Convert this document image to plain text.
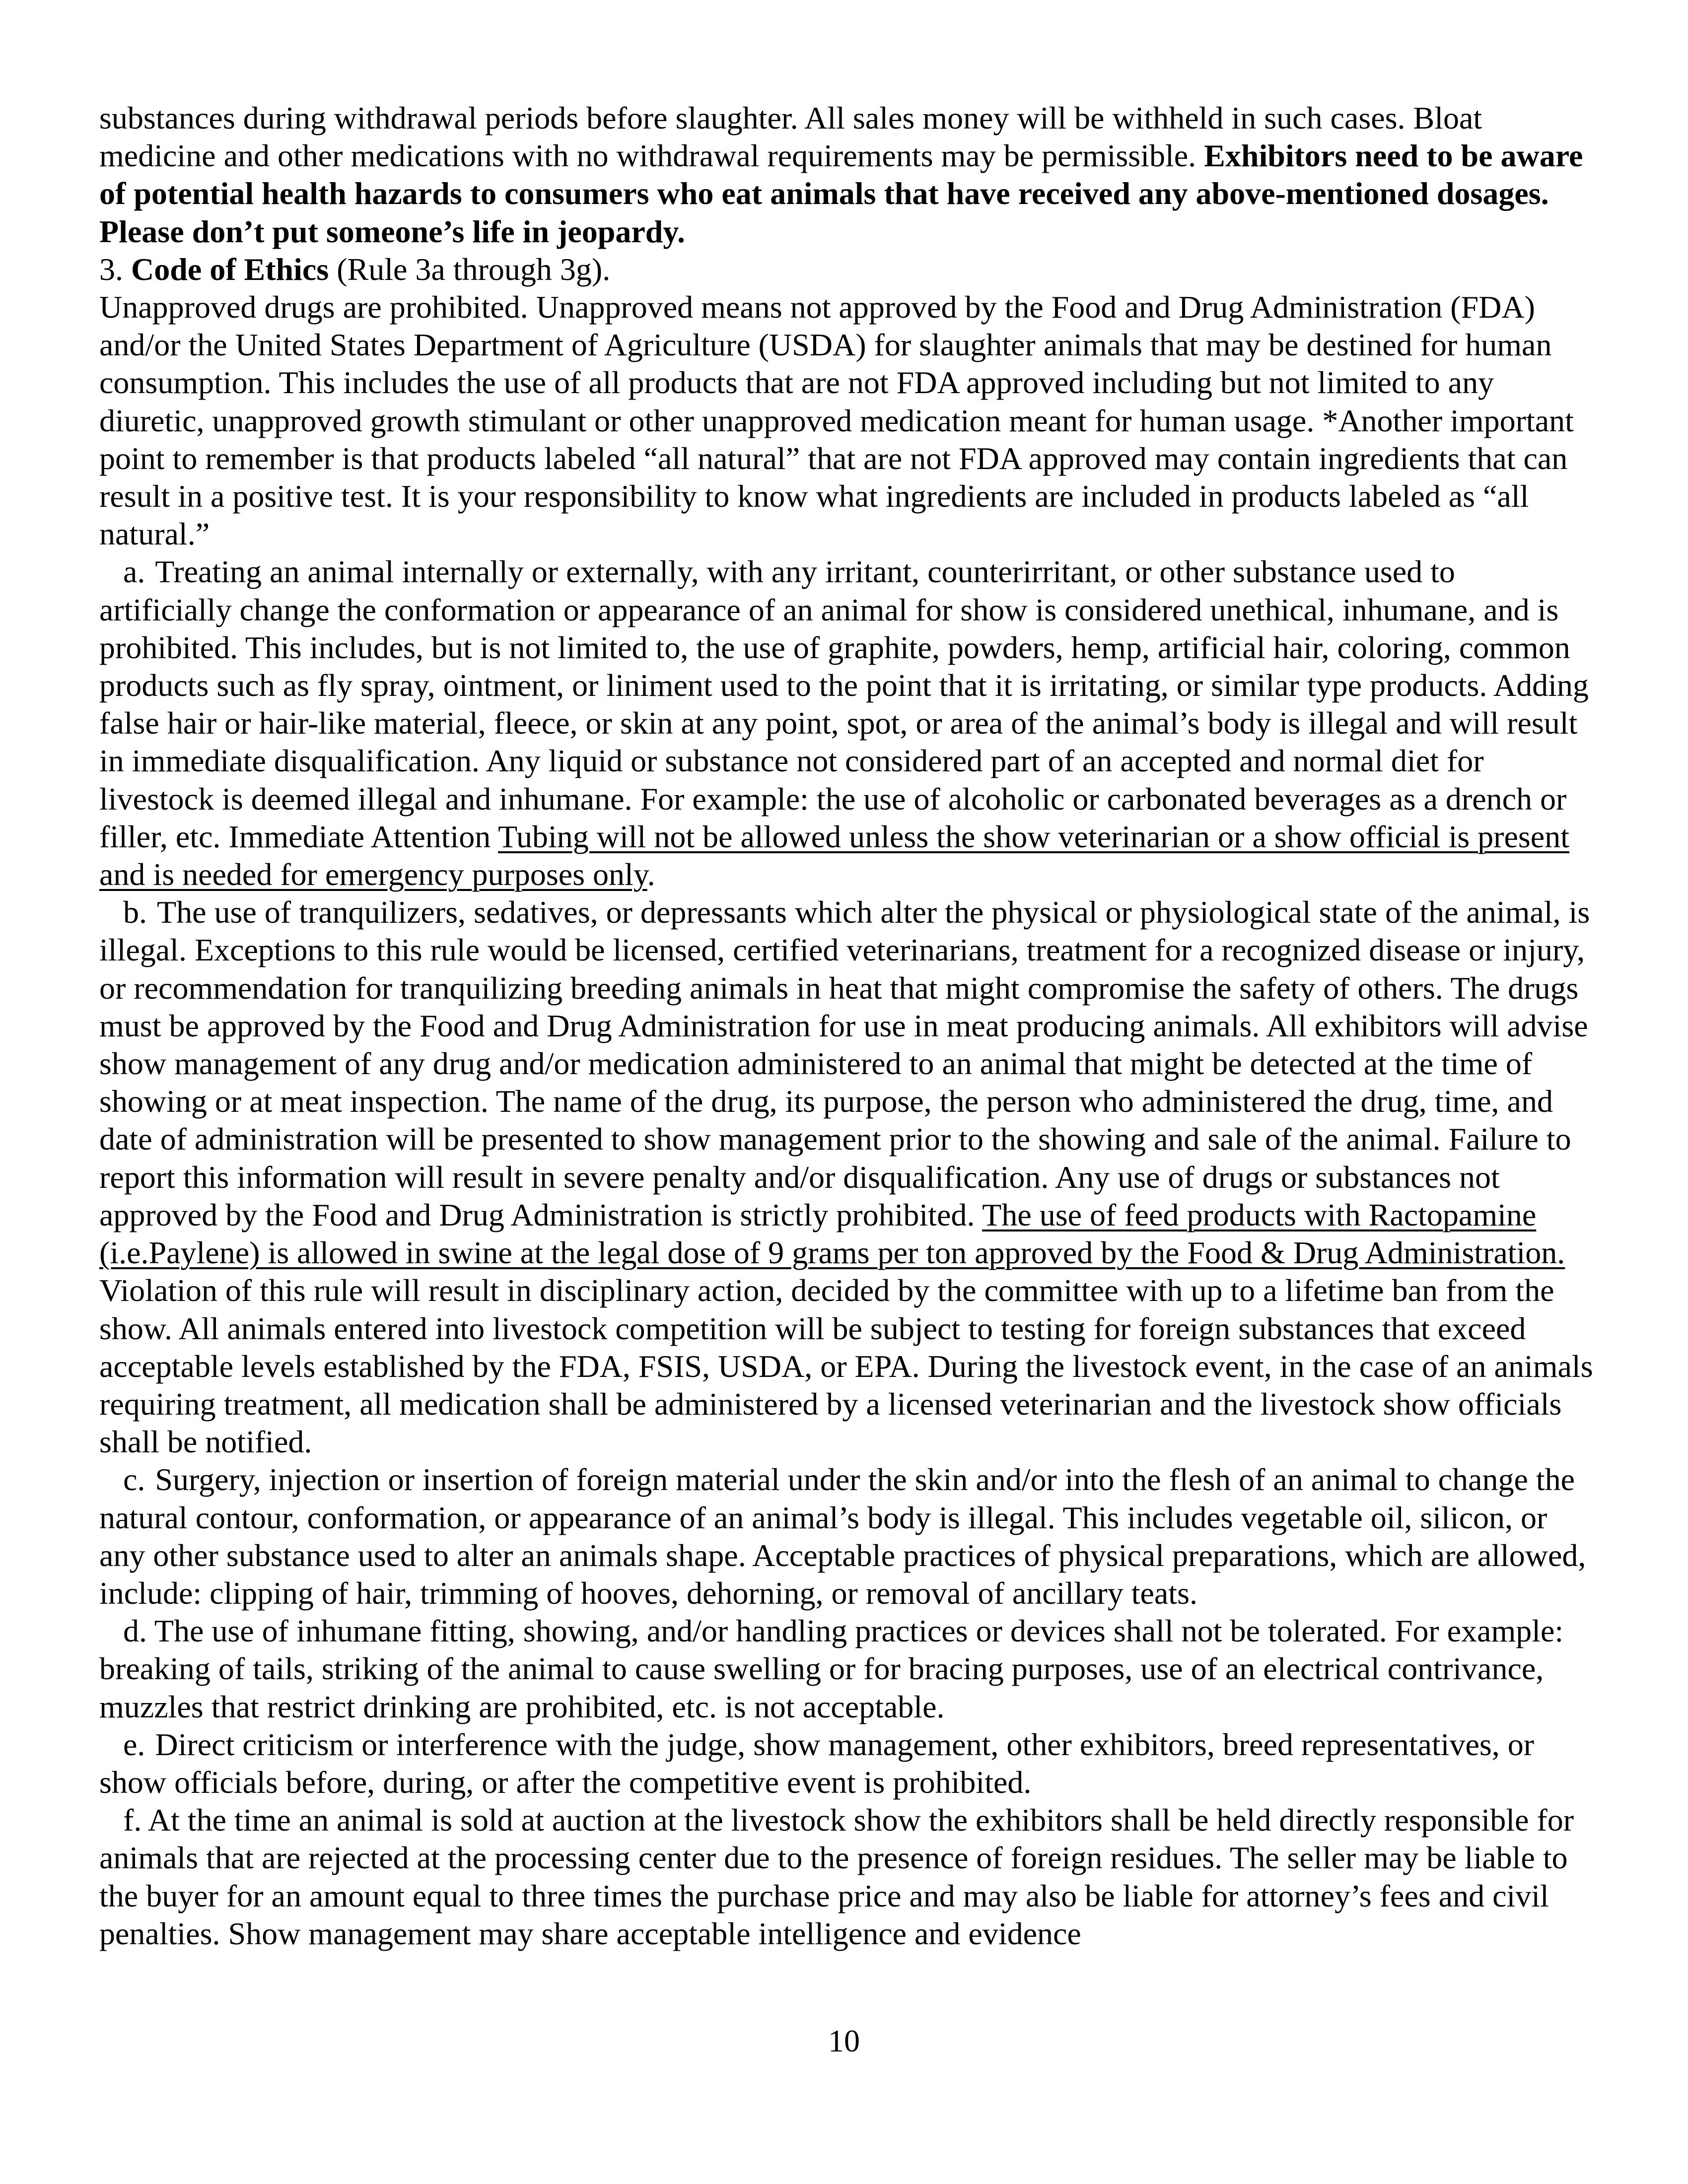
substances during withdrawal periods before slaughter. All sales money will be withheld in such cases. Bloat medicine and other medications with no withdrawal requirements may be permissible. Exhibitors need to be aware of potential health hazards to consumers who eat animals that have received any above-mentioned dosages. Please don’t put someone’s life in jeopardy.

3. Code of Ethics (Rule 3a through 3g).

Unapproved drugs are prohibited. Unapproved means not approved by the Food and Drug Administration (FDA) and/or the United States Department of Agriculture (USDA) for slaughter animals that may be destined for human consumption. This includes the use of all products that are not FDA approved including but not limited to any diuretic, unapproved growth stimulant or other unapproved medication meant for human usage. *Another important point to remember is that products labeled “all natural” that are not FDA approved may contain ingredients that can result in a positive test. It is your responsibility to know what ingredients are included in products labeled as “all natural.”

a. Treating an animal internally or externally, with any irritant, counterirritant, or other substance used to artificially change the conformation or appearance of an animal for show is considered unethical, inhumane, and is prohibited. This includes, but is not limited to, the use of graphite, powders, hemp, artificial hair, coloring, common products such as fly spray, ointment, or liniment used to the point that it is irritating, or similar type products. Adding false hair or hair-like material, fleece, or skin at any point, spot, or area of the animal’s body is illegal and will result in immediate disqualification. Any liquid or substance not considered part of an accepted and normal diet for livestock is deemed illegal and inhumane. For example: the use of alcoholic or carbonated beverages as a drench or filler, etc. Immediate Attention Tubing will not be allowed unless the show veterinarian or a show official is present and is needed for emergency purposes only.

b. The use of tranquilizers, sedatives, or depressants which alter the physical or physiological state of the animal, is illegal. Exceptions to this rule would be licensed, certified veterinarians, treatment for a recognized disease or injury, or recommendation for tranquilizing breeding animals in heat that might compromise the safety of others. The drugs must be approved by the Food and Drug Administration for use in meat producing animals. All exhibitors will advise show management of any drug and/or medication administered to an animal that might be detected at the time of showing or at meat inspection. The name of the drug, its purpose, the person who administered the drug, time, and date of administration will be presented to show management prior to the showing and sale of the animal. Failure to report this information will result in severe penalty and/or disqualification. Any use of drugs or substances not approved by the Food and Drug Administration is strictly prohibited. The use of feed products with Ractopamine (i.e.Paylene) is allowed in swine at the legal dose of 9 grams per ton approved by the Food & Drug Administration. Violation of this rule will result in disciplinary action, decided by the committee with up to a lifetime ban from the show. All animals entered into livestock competition will be subject to testing for foreign substances that exceed acceptable levels established by the FDA, FSIS, USDA, or EPA. During the livestock event, in the case of an animals requiring treatment, all medication shall be administered by a licensed veterinarian and the livestock show officials shall be notified.

c. Surgery, injection or insertion of foreign material under the skin and/or into the flesh of an animal to change the natural contour, conformation, or appearance of an animal’s body is illegal. This includes vegetable oil, silicon, or any other substance used to alter an animals shape. Acceptable practices of physical preparations, which are allowed, include: clipping of hair, trimming of hooves, dehorning, or removal of ancillary teats.

d. The use of inhumane fitting, showing, and/or handling practices or devices shall not be tolerated. For example: breaking of tails, striking of the animal to cause swelling or for bracing purposes, use of an electrical contrivance, muzzles that restrict drinking are prohibited, etc. is not acceptable.

e. Direct criticism or interference with the judge, show management, other exhibitors, breed representatives, or show officials before, during, or after the competitive event is prohibited.

f. At the time an animal is sold at auction at the livestock show the exhibitors shall be held directly responsible for animals that are rejected at the processing center due to the presence of foreign residues. The seller may be liable to the buyer for an amount equal to three times the purchase price and may also be liable for attorney’s fees and civil penalties. Show management may share acceptable intelligence and evidence

10
